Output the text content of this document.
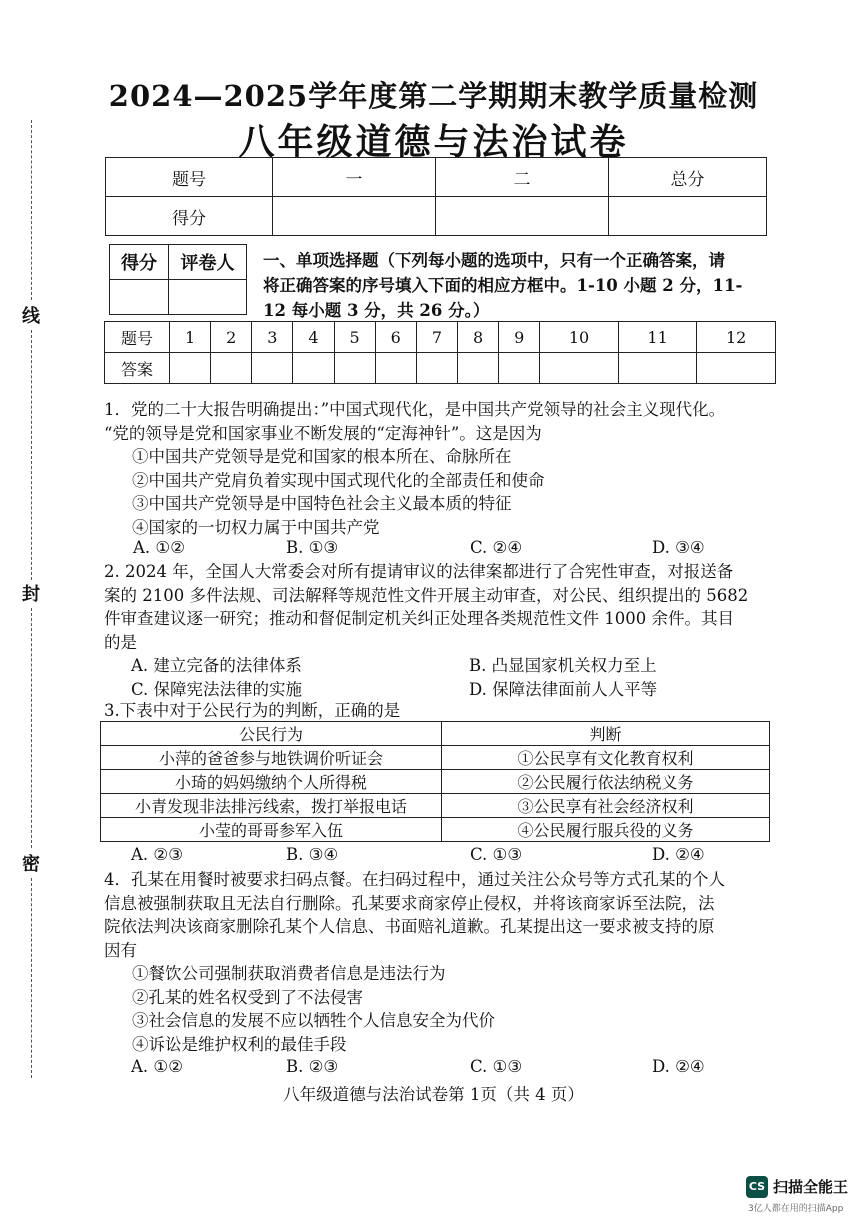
2024—2025学年度第二学期期末教学质量检测
八年级道德与法治试卷
题号	一	二	总分
得分			
得分	评卷人
	一、单项选择题（下列每小题的选项中，只有一个正确答案，请
将正确答案的序号填入下面的相应方框中。1-10 小题 2 分，11-
12 每小题 3 分，共 26 分。）
题号	1	2	3	4	5	6	7	8	9	10	11	12
答案												
线
封
密
1．党的二十大报告明确提出：”中国式现代化，是中国共产党领导的社会主义现代化。
“党的领导是党和国家事业不断发展的“定海神针”。这是因为
①中国共产党领导是党和国家的根本所在、命脉所在
②中国共产党肩负着实现中国式现代化的全部责任和使命
③中国共产党领导是中国特色社会主义最本质的特征
④国家的一切权力属于中国共产党
A. ①②	B. ①③	C. ②④	D. ③④
2. 2024 年，全国人大常委会对所有提请审议的法律案都进行了合宪性审查，对报送备
案的 2100 多件法规、司法解释等规范性文件开展主动审查，对公民、组织提出的 5682
件审查建议逐一研究；推动和督促制定机关纠正处理各类规范性文件 1000 余件。其目
的是
A. 建立完备的法律体系	B. 凸显国家机关权力至上
C. 保障宪法法律的实施	D. 保障法律面前人人平等
3.下表中对于公民行为的判断，正确的是
公民行为	判断
小萍的爸爸参与地铁调价听证会	①公民享有文化教育权利
小琦的妈妈缴纳个人所得税	②公民履行依法纳税义务
小青发现非法排污线索，拨打举报电话	③公民享有社会经济权利
小莹的哥哥参军入伍	④公民履行服兵役的义务
A. ②③	B. ③④	C. ①③	D. ②④
4．孔某在用餐时被要求扫码点餐。在扫码过程中，通过关注公众号等方式孔某的个人
信息被强制获取且无法自行删除。孔某要求商家停止侵权，并将该商家诉至法院，法
院依法判决该商家删除孔某个人信息、书面赔礼道歉。孔某提出这一要求被支持的原
因有
①餐饮公司强制获取消费者信息是违法行为
②孔某的姓名权受到了不法侵害
③社会信息的发展不应以牺牲个人信息安全为代价
④诉讼是维护权利的最佳手段
A. ①②	B. ②③	C. ①③	D. ②④
八年级道德与法治试卷第 1页（共 4 页）
CS 扫描全能王
3亿人都在用的扫描App
